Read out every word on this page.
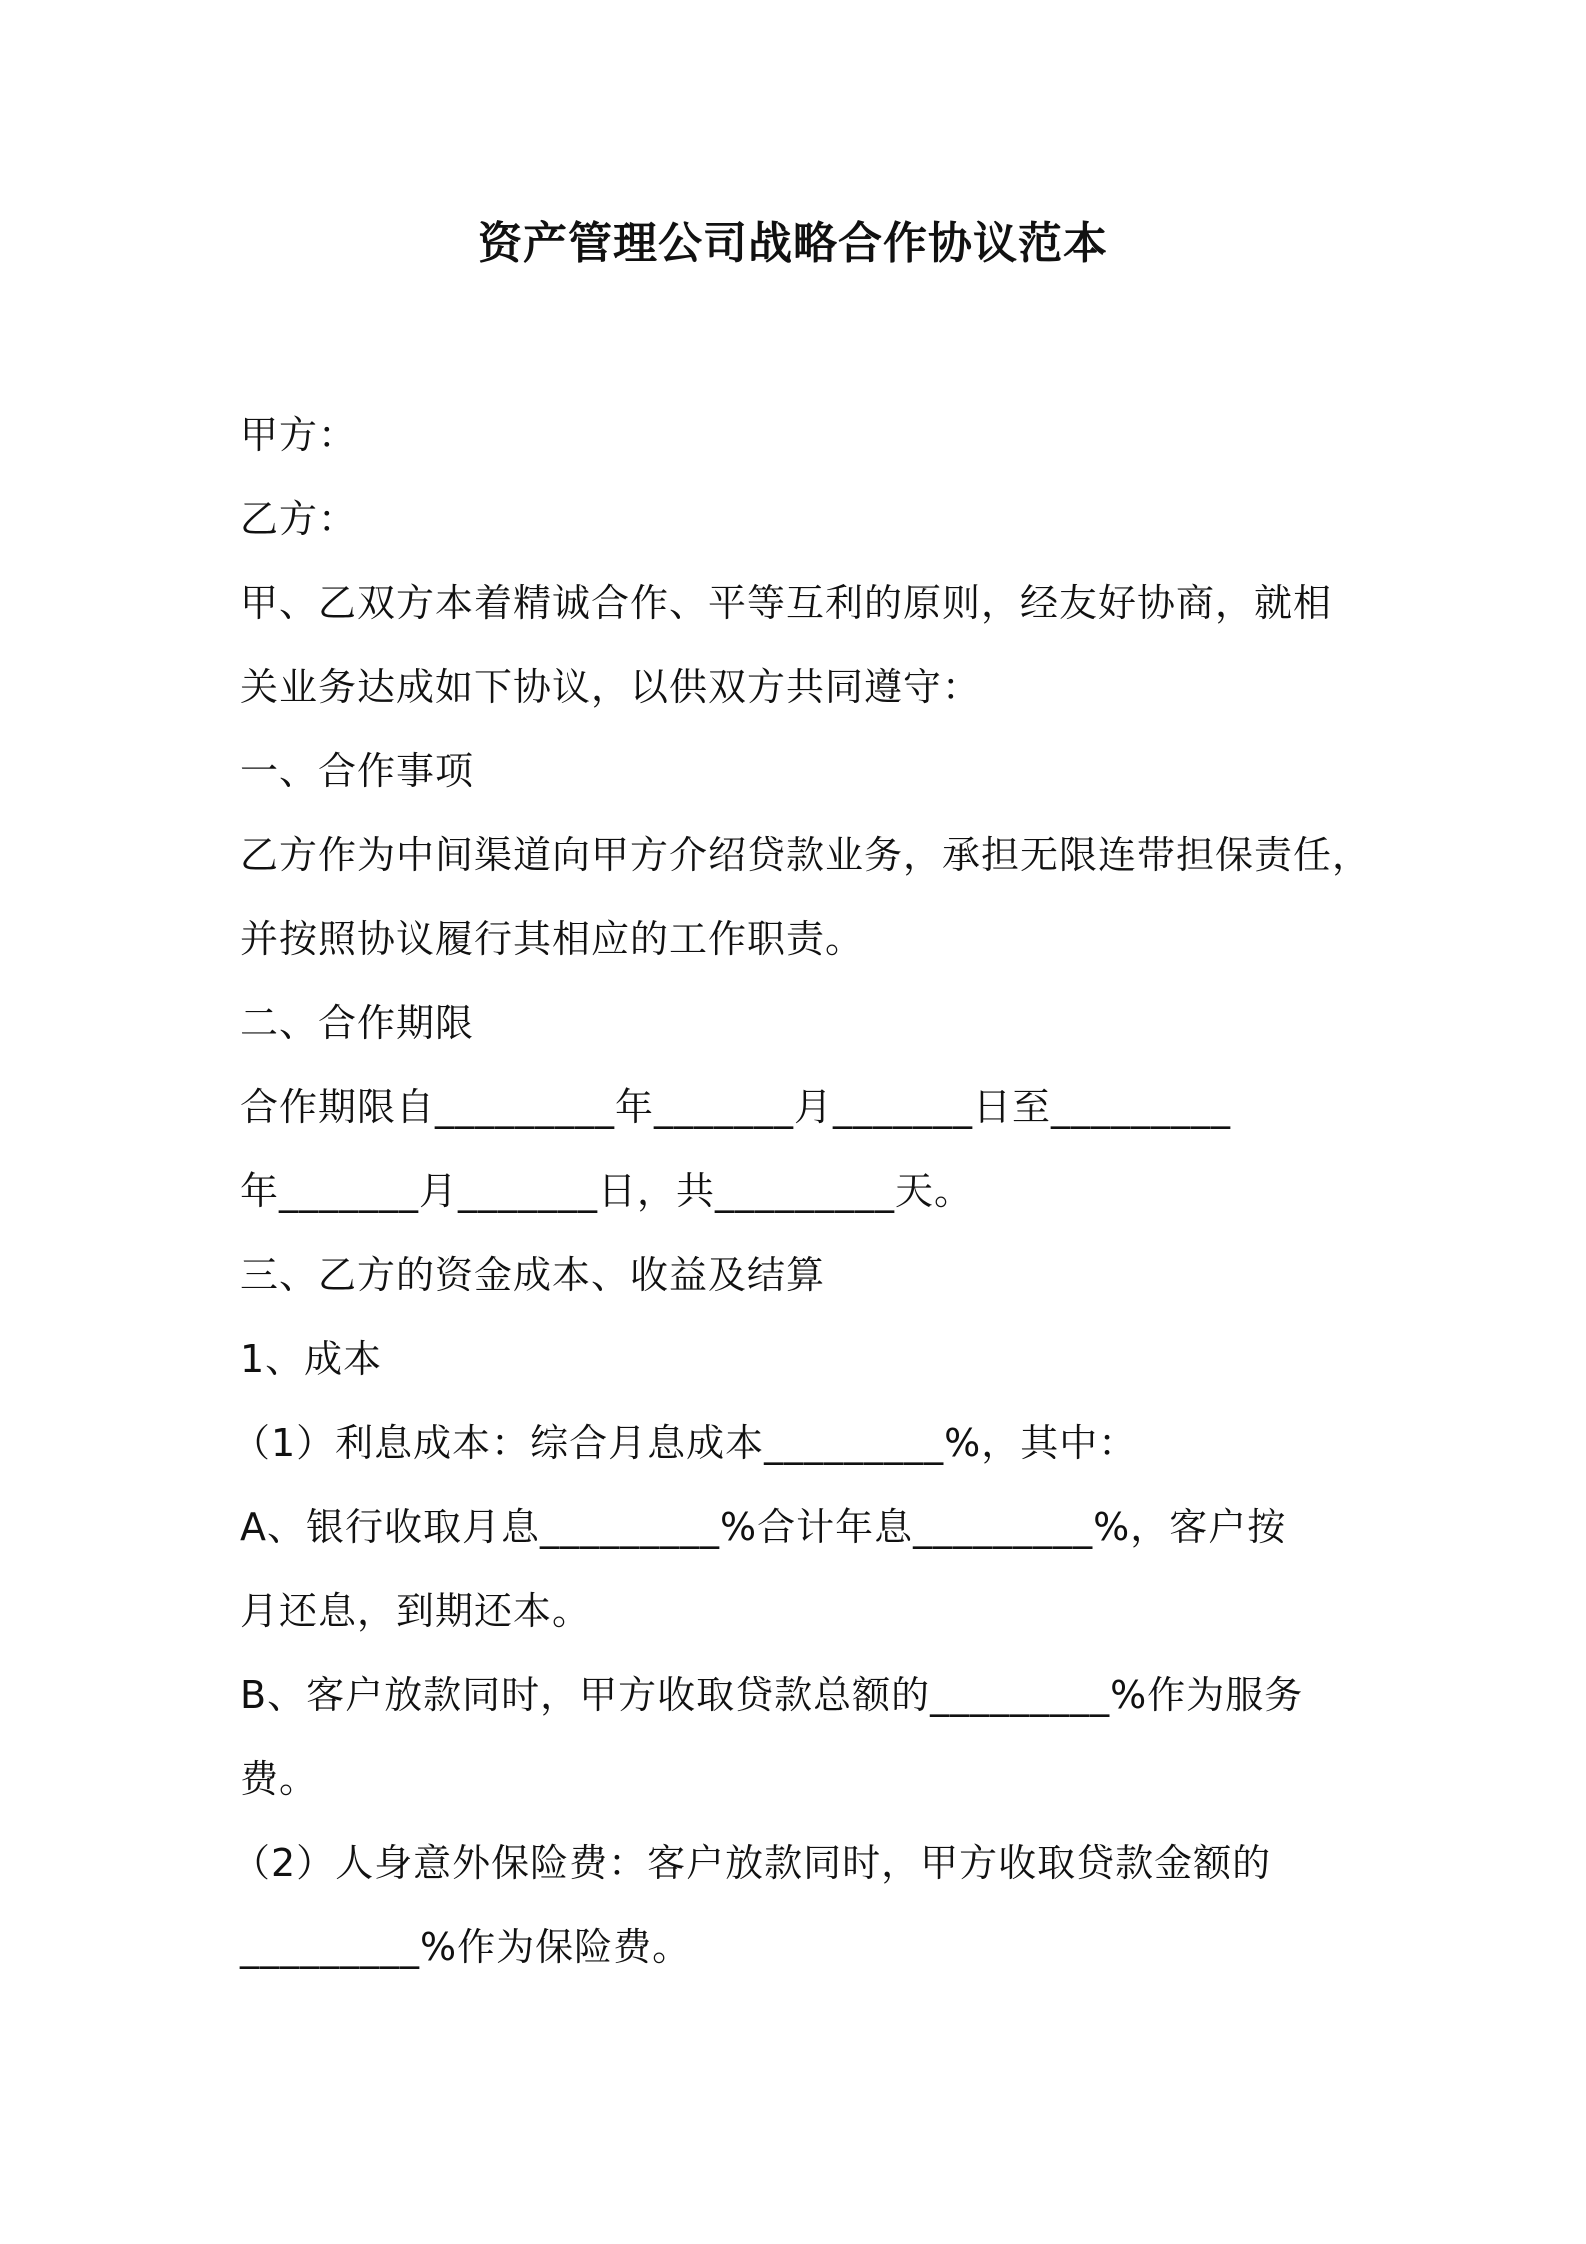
资产管理公司战略合作协议范本
甲方：
乙方：
甲、乙双方本着精诚合作、平等互利的原则，经友好协商，就相
关业务达成如下协议，以供双方共同遵守：
一、合作事项
乙方作为中间渠道向甲方介绍贷款业务，承担无限连带担保责任，
并按照协议履行其相应的工作职责。
二、合作期限
合作期限自_________年_______月_______日至_________
年_______月_______日，共_________天。
三、乙方的资金成本、收益及结算
1、成本
（1）利息成本：综合月息成本_________%，其中：
A、银行收取月息_________%合计年息_________%，客户按
月还息，到期还本。
B、客户放款同时，甲方收取贷款总额的_________%作为服务
费。
（2）人身意外保险费：客户放款同时，甲方收取贷款金额的
_________%作为保险费。
